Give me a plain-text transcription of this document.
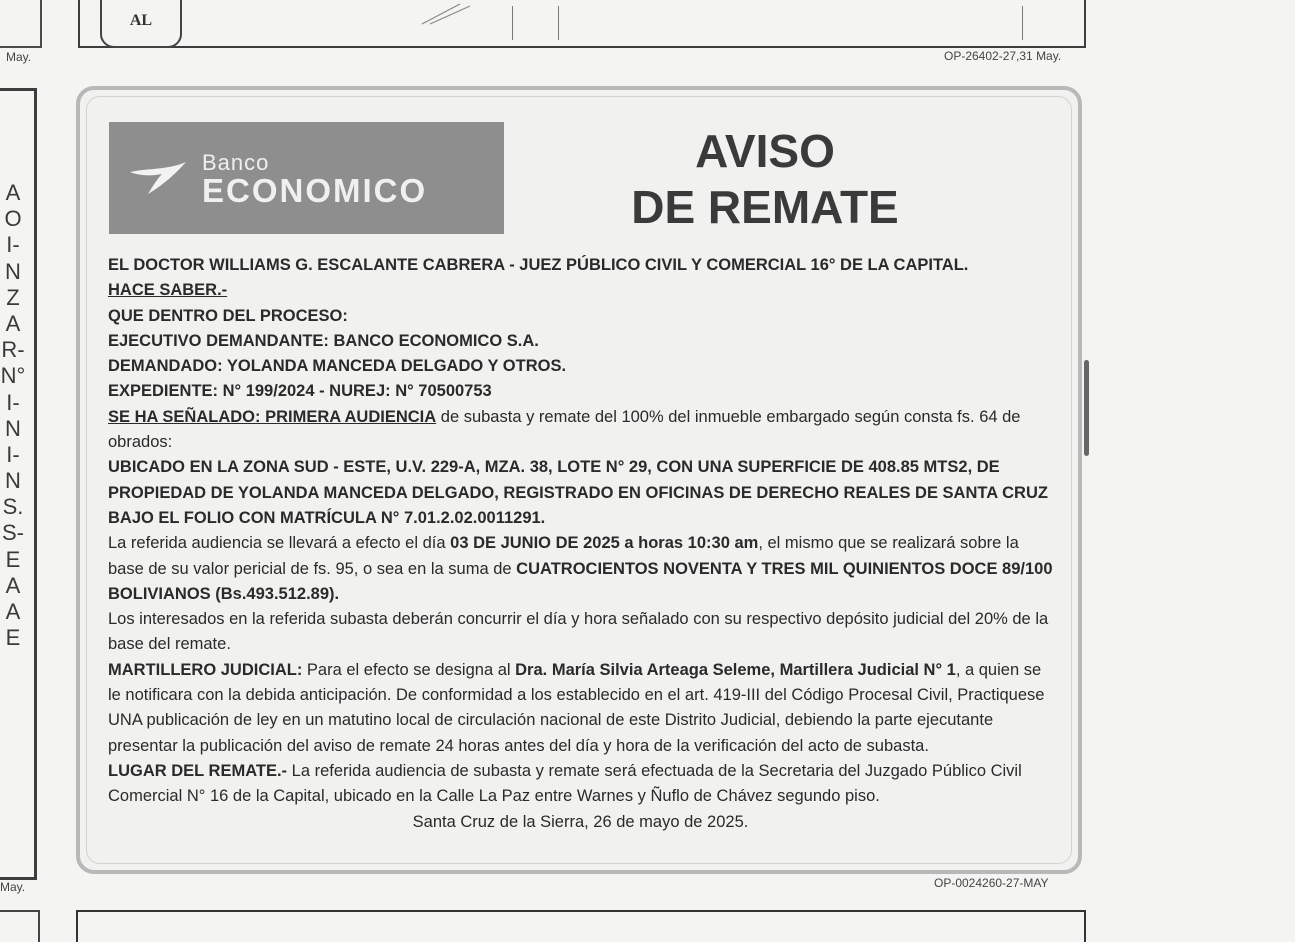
May.
AL
OP-26402-27,31 May.
A
O
I-
N
Z
A
R-
N°
I-
N
I-
N
S.
S-
E
A
A
E
May.
Banco
ECONOMICO
AVISO
DE REMATE

EL DOCTOR WILLIAMS G. ESCALANTE CABRERA - JUEZ PÚBLICO CIVIL Y COMERCIAL 16° DE LA CAPITAL.

HACE SABER.-

QUE DENTRO DEL PROCESO:

EJECUTIVO DEMANDANTE: BANCO ECONOMICO S.A.

DEMANDADO: YOLANDA MANCEDA DELGADO Y OTROS.

EXPEDIENTE: N° 199/2024 - NUREJ: N° 70500753

SE HA SEÑALADO: PRIMERA AUDIENCIA de subasta y remate del 100% del inmueble embargado según consta fs. 64 de obrados:

UBICADO EN LA ZONA SUD - ESTE, U.V. 229-A, MZA. 38, LOTE N° 29, CON UNA SUPERFICIE DE 408.85 MTS2, DE PROPIEDAD DE YOLANDA MANCEDA DELGADO, REGISTRADO EN OFICINAS DE DERECHO REALES DE SANTA CRUZ BAJO EL FOLIO CON MATRÍCULA N° 7.01.2.02.0011291.

La referida audiencia se llevará a efecto el día 03 DE JUNIO DE 2025 a horas 10:30 am, el mismo que se realizará sobre la base de su valor pericial de fs. 95, o sea en la suma de CUATROCIENTOS NOVENTA Y TRES MIL QUINIENTOS DOCE 89/100 BOLIVIANOS (Bs.493.512.89).

Los interesados en la referida subasta deberán concurrir el día y hora señalado con su respectivo depósito judicial del 20% de la base del remate.

MARTILLERO JUDICIAL: Para el efecto se designa al Dra. María Silvia Arteaga Seleme, Martillera Judicial N° 1, a quien se le notificara con la debida anticipación. De conformidad a los establecido en el art. 419-III del Código Procesal Civil, Practiquese UNA publicación de ley en un matutino local de circulación nacional de este Distrito Judicial, debiendo la parte ejecutante presentar la publicación del aviso de remate 24 horas antes del día y hora de la verificación del acto de subasta.

LUGAR DEL REMATE.- La referida audiencia de subasta y remate será efectuada de la Secretaria del Juzgado Público Civil Comercial N° 16 de la Capital, ubicado en la Calle La Paz entre Warnes y Ñuflo de Chávez segundo piso.

Santa Cruz de la Sierra, 26 de mayo de 2025.

OP-0024260-27-MAY
